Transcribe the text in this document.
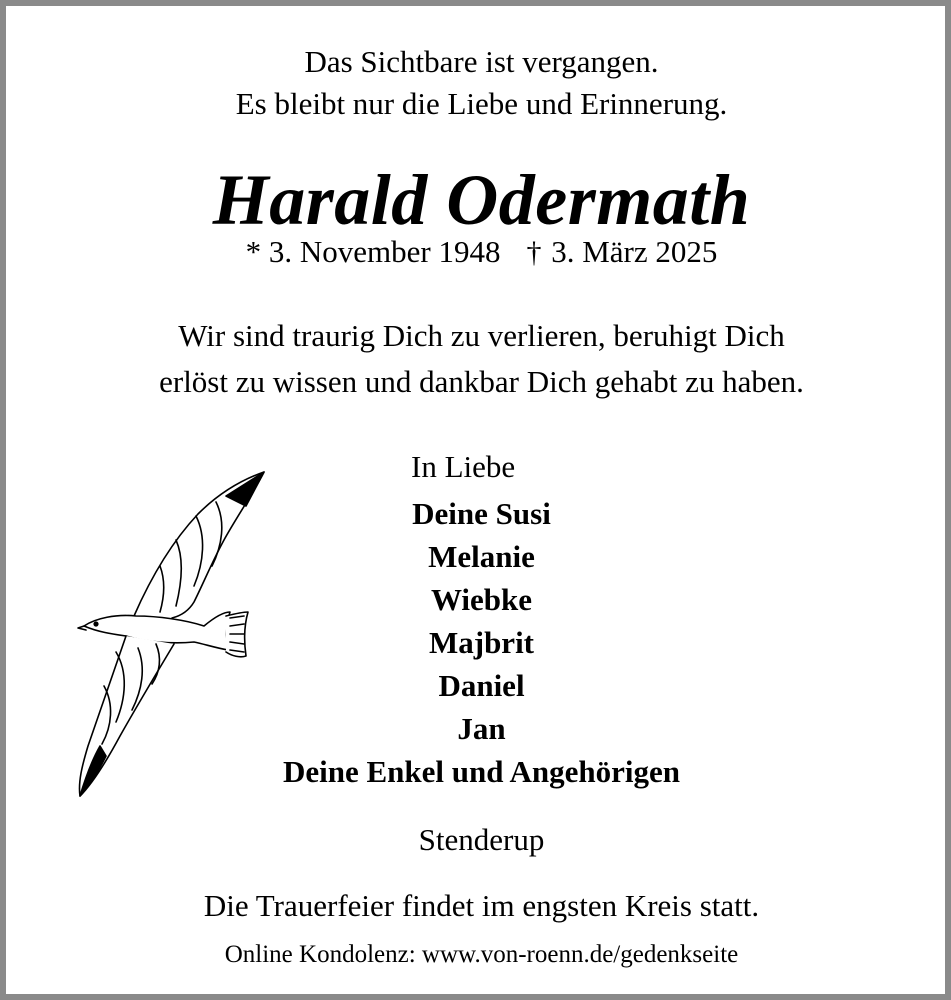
Das Sichtbare ist vergangen.
Es bleibt nur die Liebe und Erinnerung.
Harald Odermath
* 3. November 1948 † 3. März 2025
Wir sind traurig Dich zu verlieren, beruhigt Dich
erlöst zu wissen und dankbar Dich gehabt zu haben.
In Liebe
Deine Susi
Melanie
Wiebke
Majbrit
Daniel
Jan
Deine Enkel und Angehörigen
Stenderup
Die Trauerfeier findet im engsten Kreis statt.
Online Kondolenz: www.von-roenn.de/gedenkseite
